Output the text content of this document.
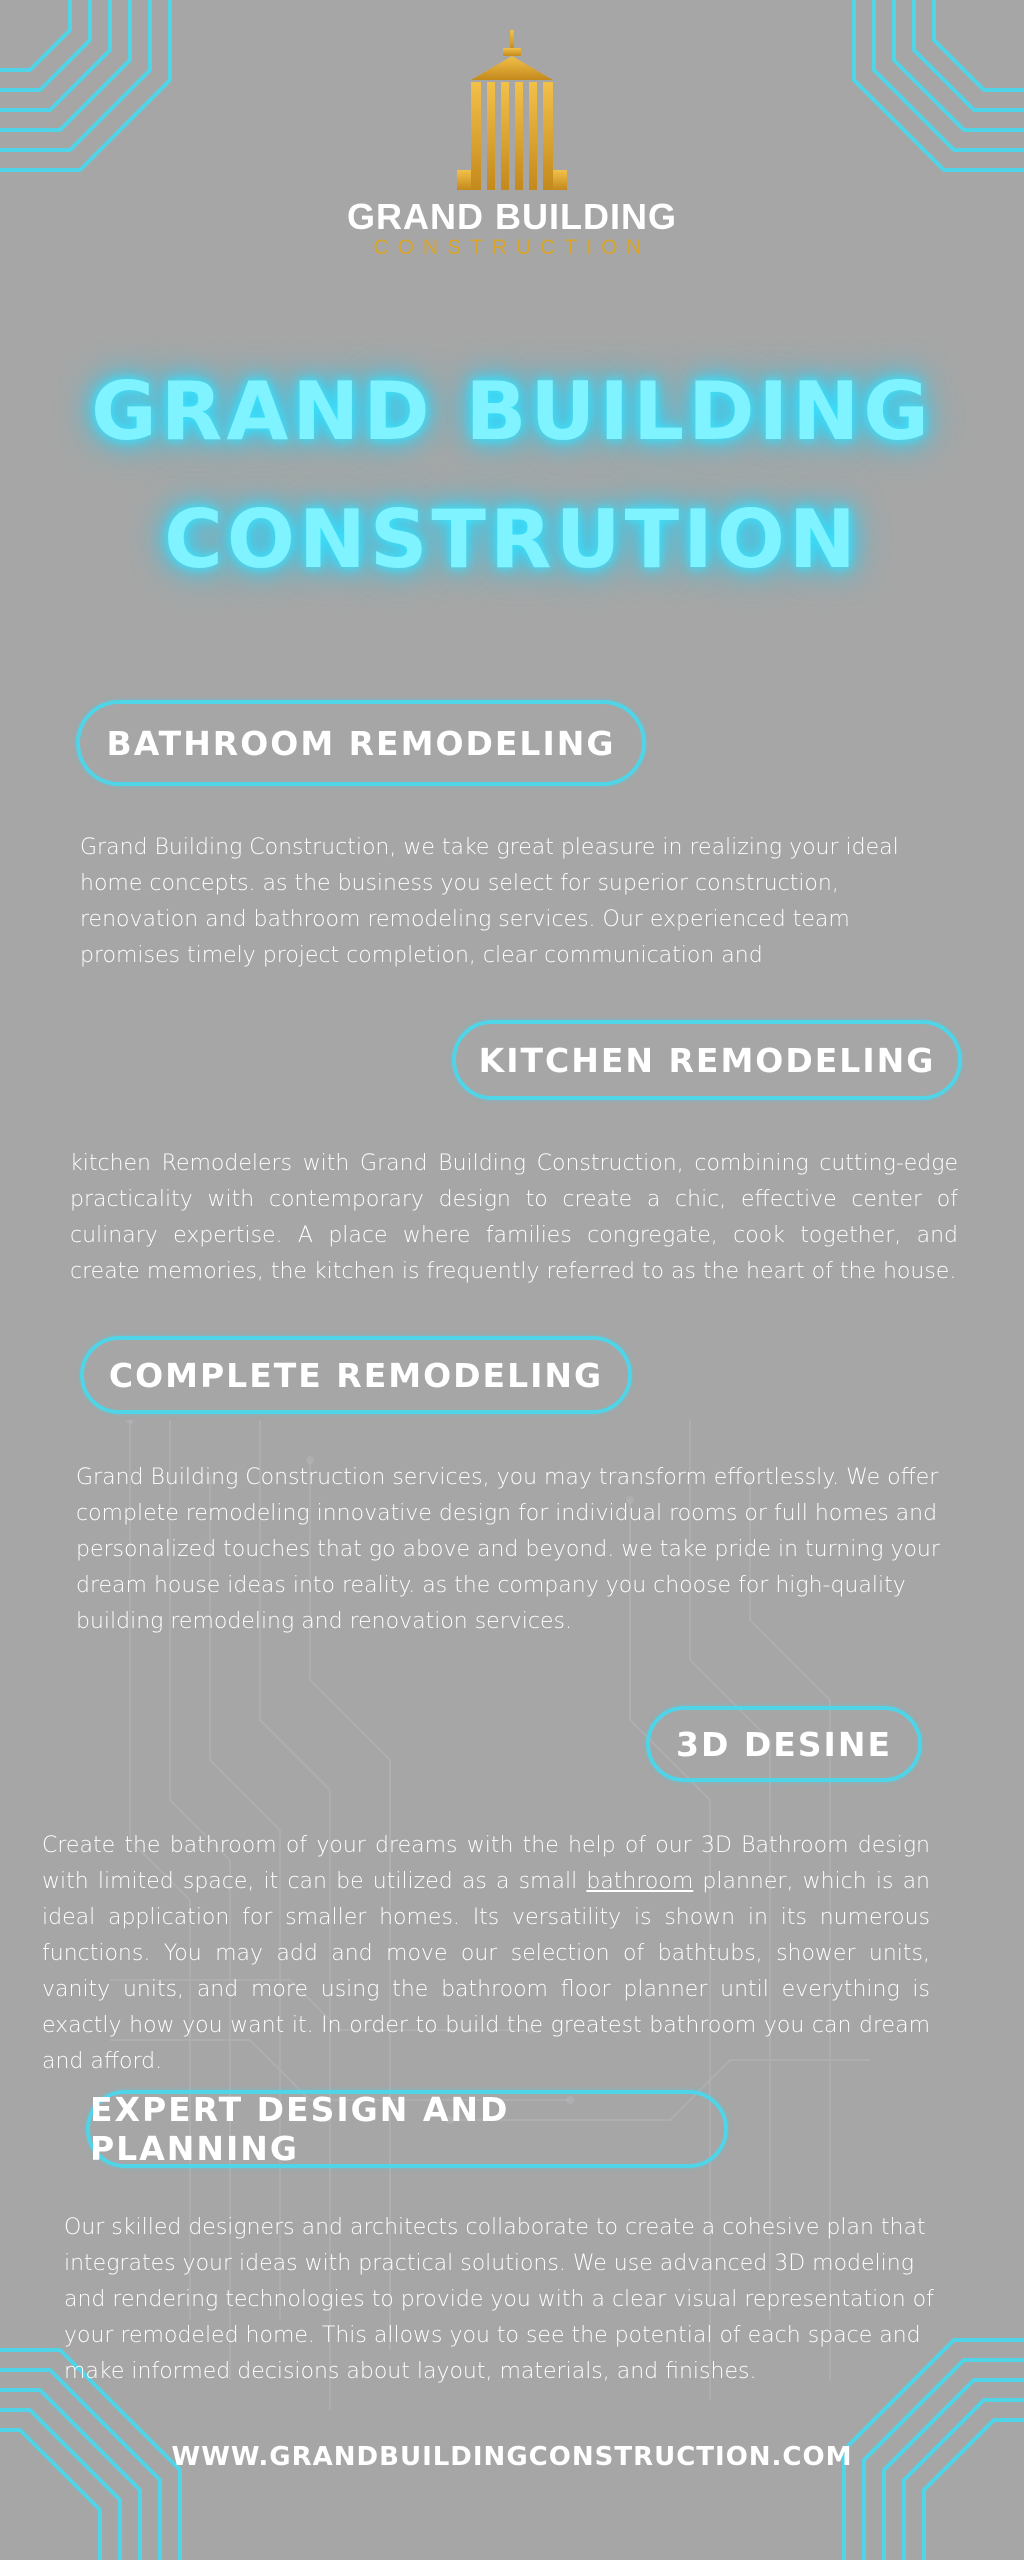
GRAND BUILDING
CONSTRUCTION
GRAND BUILDING
CONSTRUTION
BATHROOM REMODELING
Grand Building Construction, we take great pleasure in realizing your ideal home concepts. as the business you select for superior construction, renovation and bathroom remodeling services. Our experienced team promises timely project completion, clear communication and
KITCHEN REMODELING
kitchen Remodelers with Grand Building Construction, combining cutting-edge practicality with contemporary design to create a chic, effective center of culinary expertise. A place where families congregate, cook together, and create memories, the kitchen is frequently referred to as the heart of the house.
COMPLETE REMODELING
Grand Building Construction services, you may transform effortlessly. We offer complete remodeling innovative design for individual rooms or full homes and personalized touches that go above and beyond. we take pride in turning your dream house ideas into reality. as the company you choose for high-quality building remodeling and renovation services.
3D DESINE
Create the bathroom of your dreams with the help of our 3D Bathroom design with limited space, it can be utilized as a small bathroom planner, which is an ideal application for smaller homes. Its versatility is shown in its numerous functions. You may add and move our selection of bathtubs, shower units, vanity units, and more using the bathroom floor planner until everything is exactly how you want it. In order to build the greatest bathroom you can dream and afford.
EXPERT DESIGN AND PLANNING
Our skilled designers and architects collaborate to create a cohesive plan that integrates your ideas with practical solutions. We use advanced 3D modeling and rendering technologies to provide you with a clear visual representation of your remodeled home. This allows you to see the potential of each space and make informed decisions about layout, materials, and finishes.
WWW.GRANDBUILDINGCONSTRUCTION.COM
